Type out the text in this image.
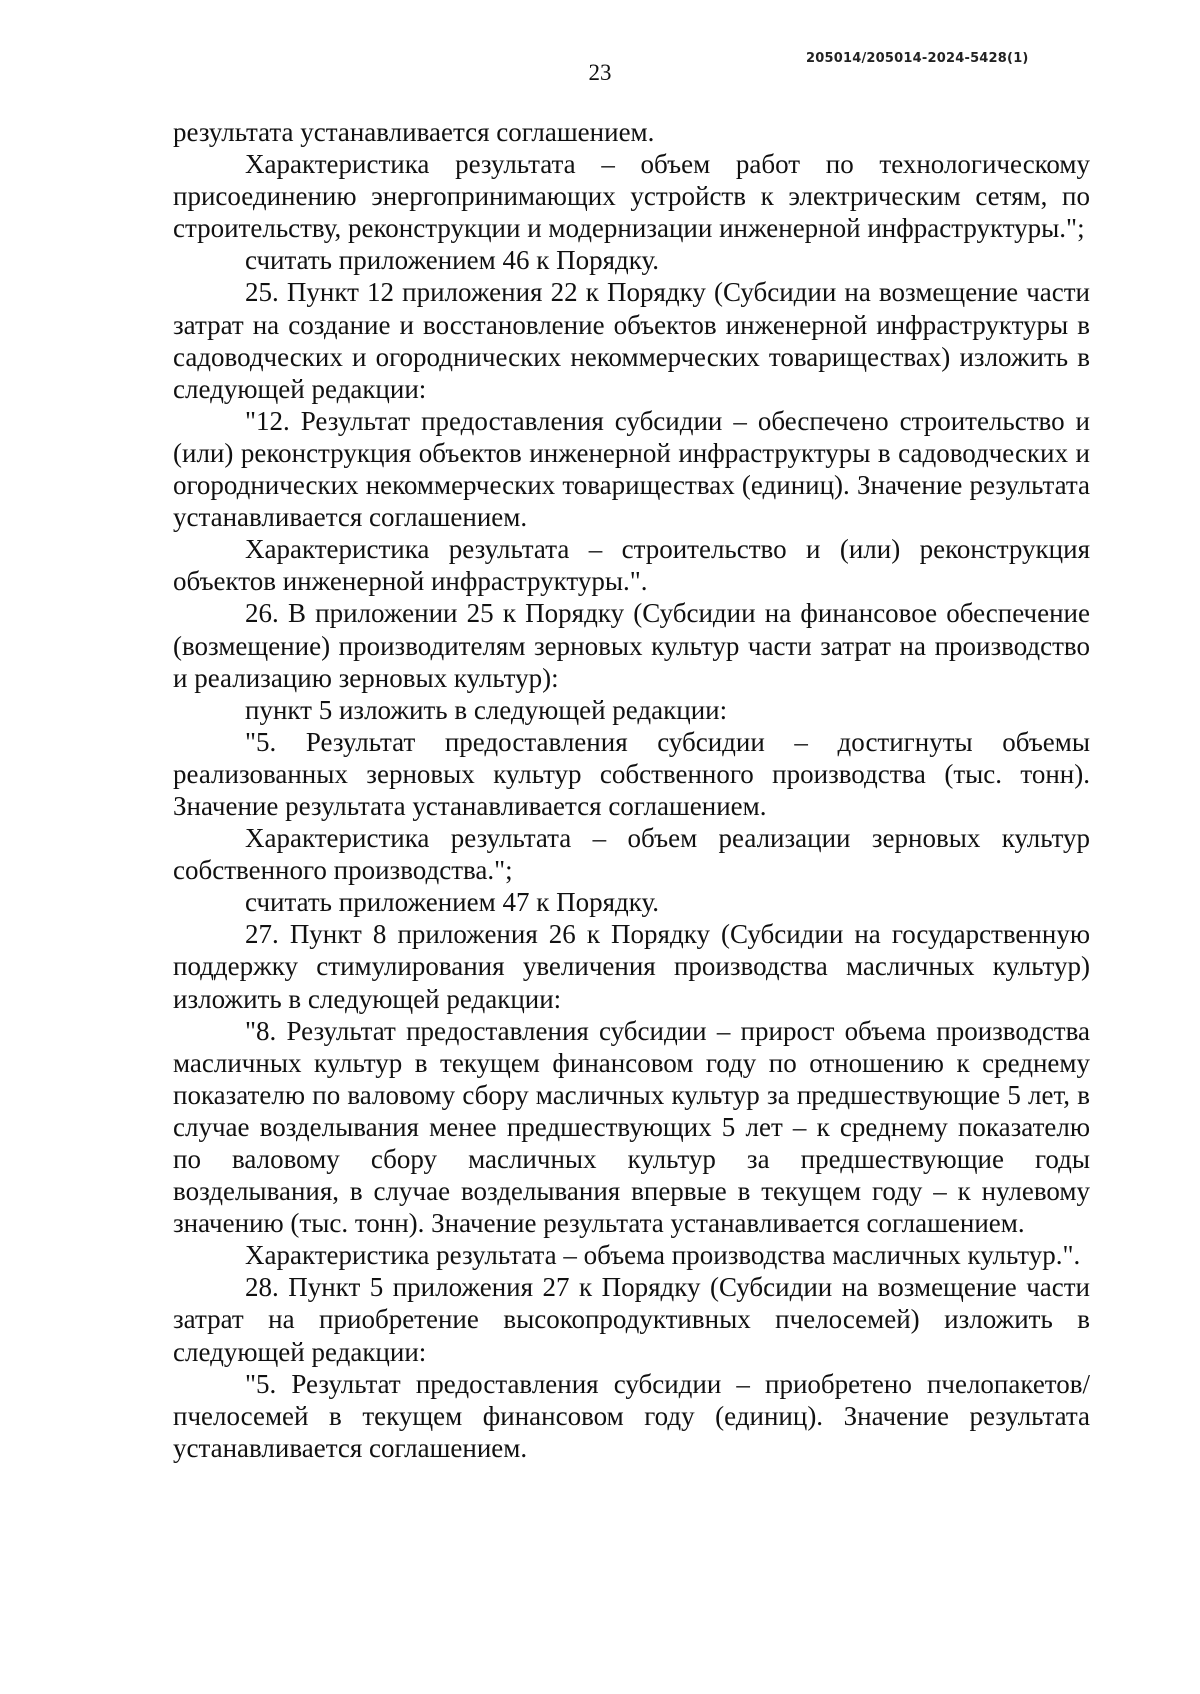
205014/205014-2024-5428(1)
23

результата устанавливается соглашением.

Характеристика результата – объем работ по технологическому присоединению энергопринимающих устройств к электрическим сетям, по строительству, реконструкции и модернизации инженерной инфраструктуры.";

считать приложением 46 к Порядку.

25. Пункт 12 приложения 22 к Порядку (Субсидии на возмещение части затрат на создание и восстановление объектов инженерной инфраструктуры в садоводческих и огороднических некоммерческих товариществах) изложить в следующей редакции:

"12. Результат предоставления субсидии – обеспечено строительство и (или) реконструкция объектов инженерной инфраструктуры в садоводческих и огороднических некоммерческих товариществах (единиц). Значение результата устанавливается соглашением.

Характеристика результата – строительство и (или) реконструкция объектов инженерной инфраструктуры.".

26. В приложении 25 к Порядку (Субсидии на финансовое обеспечение (возмещение) производителям зерновых культур части затрат на производство и реализацию зерновых культур):

пункт 5 изложить в следующей редакции:

"5. Результат предоставления субсидии – достигнуты объемы реализованных зерновых культур собственного производства (тыс. тонн). Значение результата устанавливается соглашением.

Характеристика результата – объем реализации зерновых культур собственного производства.";

считать приложением 47 к Порядку.

27. Пункт 8 приложения 26 к Порядку (Субсидии на государственную поддержку стимулирования увеличения производства масличных культур) изложить в следующей редакции:

"8. Результат предоставления субсидии – прирост объема производства масличных культур в текущем финансовом году по отношению к среднему показателю по валовому сбору масличных культур за предшествующие 5 лет, в случае возделывания менее предшествующих 5 лет – к среднему показателю по валовому сбору масличных культур за предшествующие годы возделывания, в случае возделывания впервые в текущем году – к нулевому значению (тыс. тонн). Значение результата устанавливается соглашением.

Характеристика результата – объема производства масличных культур.".

28. Пункт 5 приложения 27 к Порядку (Субсидии на возмещение части затрат на приобретение высокопродуктивных пчелосемей) изложить в следующей редакции:

"5. Результат предоставления субсидии – приобретено пчелопакетов/пчелосемей в текущем финансовом году (единиц). Значение результата устанавливается соглашением.
